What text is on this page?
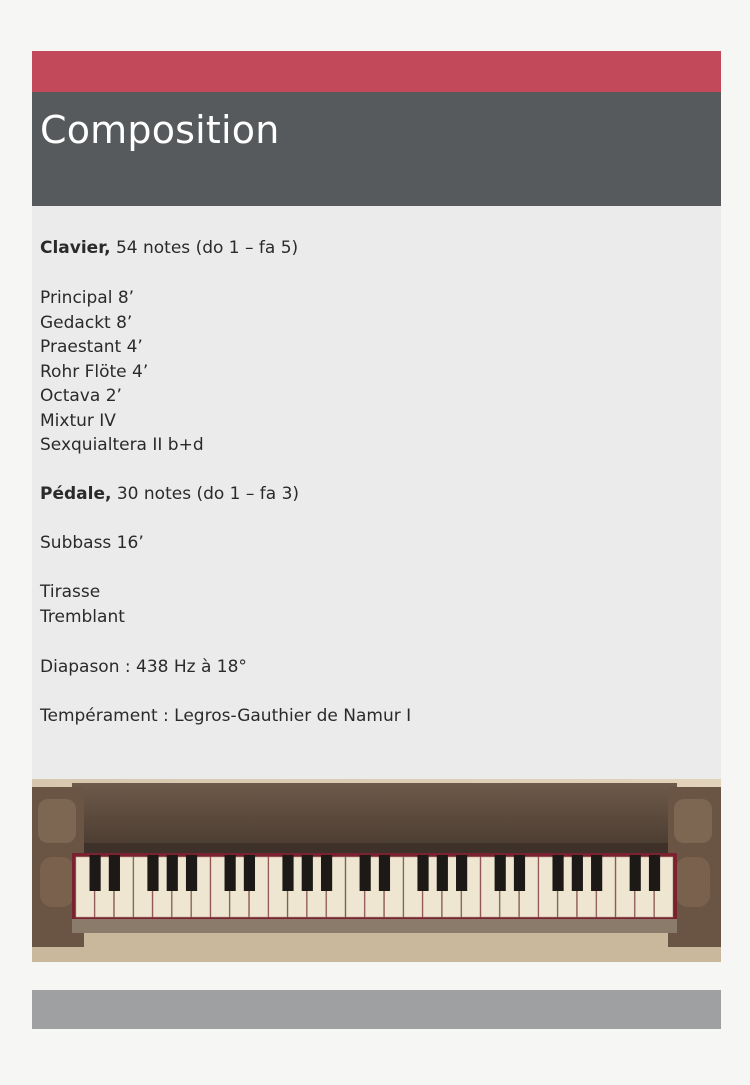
Composition
Clavier, 54 notes (do 1 – fa 5)
Principal 8’
Gedackt 8’
Praestant 4’
Rohr Flöte 4’
Octava 2’
Mixtur IV
Sexquialtera II b+d
Pédale, 30 notes (do 1 – fa 3)
Subbass 16’
Tirasse
Tremblant
Diapason : 438 Hz à 18°
Tempérament : Legros-Gauthier de Namur I
